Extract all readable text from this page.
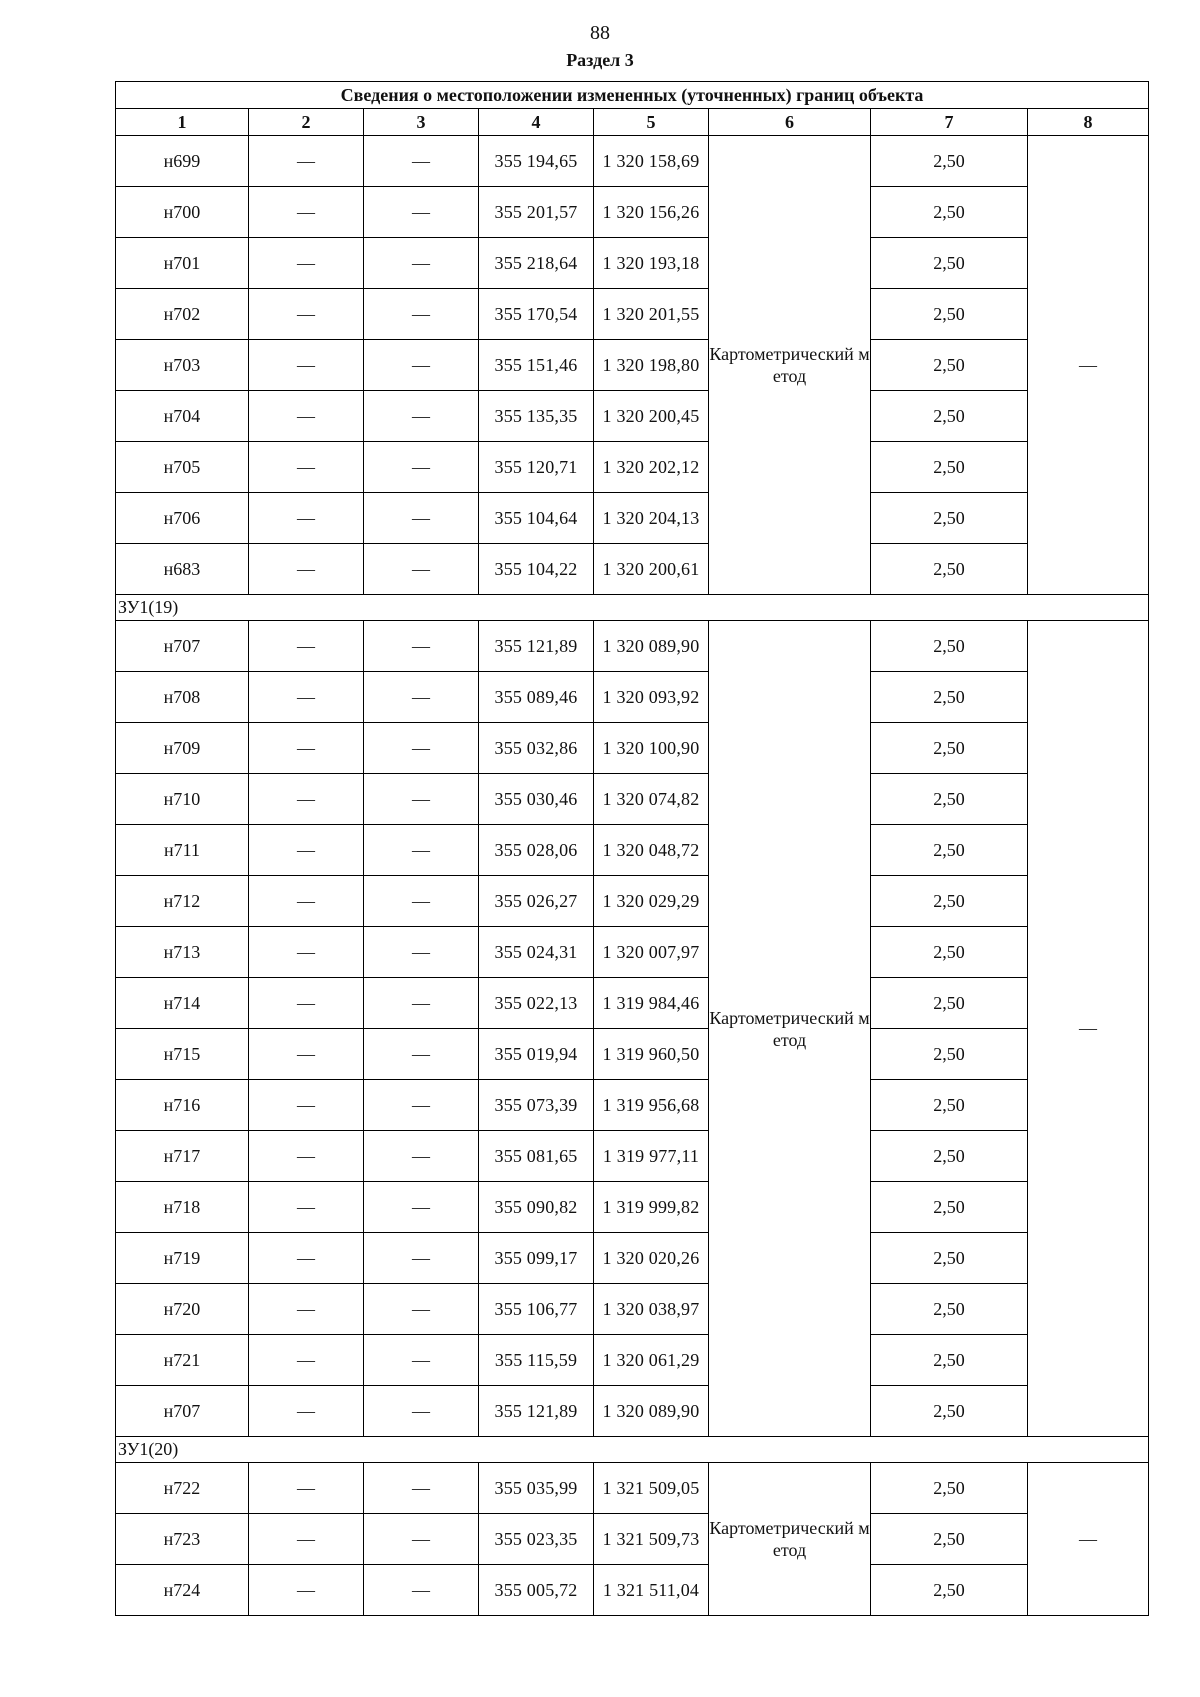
88
Раздел 3
Сведения о местоположении измененных (уточненных) границ объекта							
1	2	3	4	5	6	7	8
н699	—	—	355 194,65	1 320 158,69	Картометрический метод	2,50	—
н700	—	—	355 201,57	1 320 156,26		2,50	
н701	—	—	355 218,64	1 320 193,18		2,50	
н702	—	—	355 170,54	1 320 201,55		2,50	
н703	—	—	355 151,46	1 320 198,80		2,50	
н704	—	—	355 135,35	1 320 200,45		2,50	
н705	—	—	355 120,71	1 320 202,12		2,50	
н706	—	—	355 104,64	1 320 204,13		2,50	
н683	—	—	355 104,22	1 320 200,61		2,50	
ЗУ1(19)							
н707	—	—	355 121,89	1 320 089,90	Картометрический метод	2,50	—
н708	—	—	355 089,46	1 320 093,92		2,50	
н709	—	—	355 032,86	1 320 100,90		2,50	
н710	—	—	355 030,46	1 320 074,82		2,50	
н711	—	—	355 028,06	1 320 048,72		2,50	
н712	—	—	355 026,27	1 320 029,29		2,50	
н713	—	—	355 024,31	1 320 007,97		2,50	
н714	—	—	355 022,13	1 319 984,46		2,50	
н715	—	—	355 019,94	1 319 960,50		2,50	
н716	—	—	355 073,39	1 319 956,68		2,50	
н717	—	—	355 081,65	1 319 977,11		2,50	
н718	—	—	355 090,82	1 319 999,82		2,50	
н719	—	—	355 099,17	1 320 020,26		2,50	
н720	—	—	355 106,77	1 320 038,97		2,50	
н721	—	—	355 115,59	1 320 061,29		2,50	
н707	—	—	355 121,89	1 320 089,90		2,50	
ЗУ1(20)							
н722	—	—	355 035,99	1 321 509,05	Картометрический метод	2,50	—
н723	—	—	355 023,35	1 321 509,73		2,50	
н724	—	—	355 005,72	1 321 511,04		2,50	
